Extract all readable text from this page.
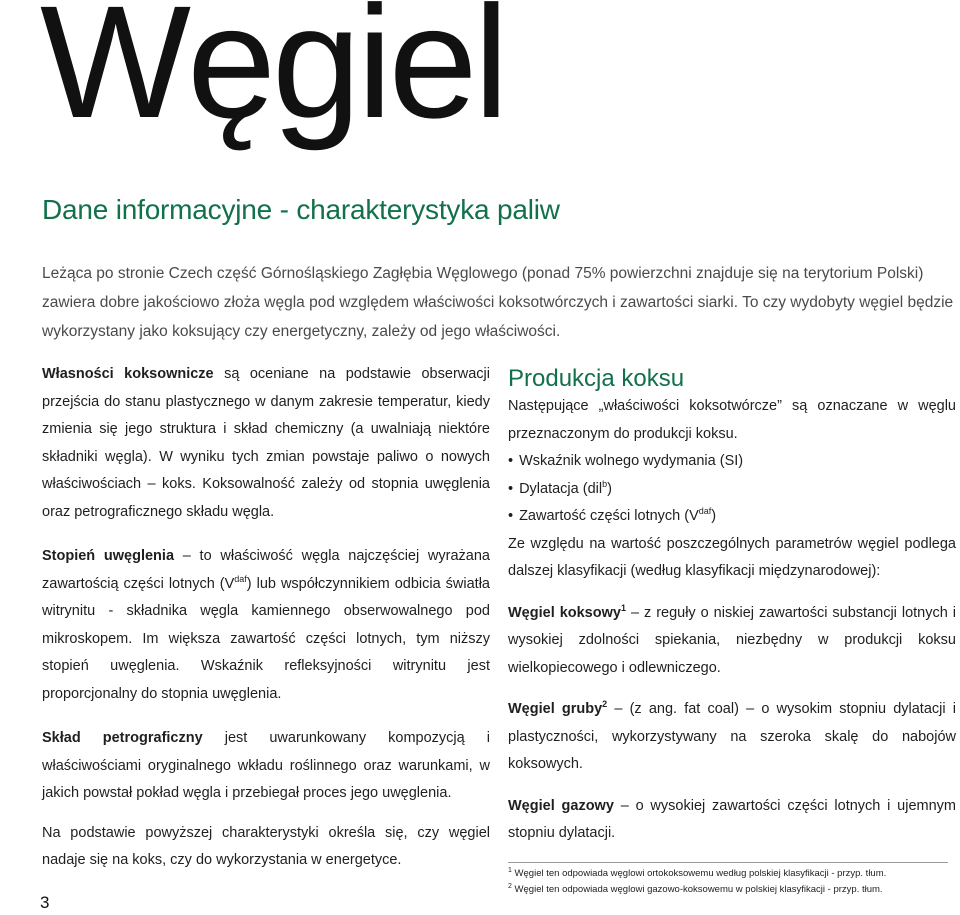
Węgiel
Dane informacyjne - charakterystyka paliw

Leżąca po stronie Czech część Górnośląskiego Zagłębia Węglowego (ponad 75% powierzchni znajduje się na terytorium Polski) zawiera dobre jakościowo złoża węgla pod względem właściwości koksotwórczych i zawartości siarki. To czy wydobyty węgiel będzie wykorzystany jako koksujący czy energetyczny, zależy od jego właściwości.

Własności koksownicze są oceniane na podstawie obserwacji przejścia do stanu plastycznego w danym zakresie temperatur, kiedy zmienia się jego struktura i skład chemiczny (a uwalniają niektóre składniki węgla). W wyniku tych zmian powstaje paliwo o nowych właściwościach – koks. Koksowalność zależy od stopnia uwęglenia oraz petrograficznego składu węgla.

Stopień uwęglenia – to właściwość węgla najczęściej wyrażana zawartością części lotnych $(V^{daf})$ lub współczynnikiem odbicia światła witrynitu - składnika węgla kamiennego obserwowalnego pod mikroskopem. Im większa zawartość części lotnych, tym niższy stopień uwęglenia. Wskaźnik refleksyjności witrynitu jest proporcjonalny do stopnia uwęglenia.

Skład petrograficzny jest uwarunkowany kompozycją i właściwościami oryginalnego wkładu roślinnego oraz warunkami, w jakich powstał pokład węgla i przebiegał proces jego uwęglenia.

Na podstawie powyższej charakterystyki określa się, czy węgiel nadaje się na koks, czy do wykorzystania w energetyce.

Produkcja koksu

Następujące „właściwości koksotwórcze” są oznaczane w węglu przeznaczonym do produkcji koksu.

• Wskaźnik wolnego wydymania (SI)
• Dylatacja (dil$^b$)
• Zawartość części lotnych $(V^{daf})$

Ze względu na wartość poszczególnych parametrów węgiel podlega dalszej klasyfikacji (według klasyfikacji międzynarodowej):

Węgiel koksowy$^1$ – z reguły o niskiej zawartości substancji lotnych i wysokiej zdolności spiekania, niezbędny w produkcji koksu wielkopiecowego i odlewniczego.

Węgiel gruby$^2$ – (z ang. fat coal) – o wysokim stopniu dylatacji i plastyczności, wykorzystywany na szeroka skalę do nabojów koksowych.

Węgiel gazowy – o wysokiej zawartości części lotnych i ujemnym stopniu dylatacji.

$^1$ Węgiel ten odpowiada węglowi ortokoksowemu według polskiej klasyfikacji - przyp. tłum.
$^2$ Węgiel ten odpowiada węglowi gazowo-koksowemu w polskiej klasyfikacji - przyp. tłum.
3
